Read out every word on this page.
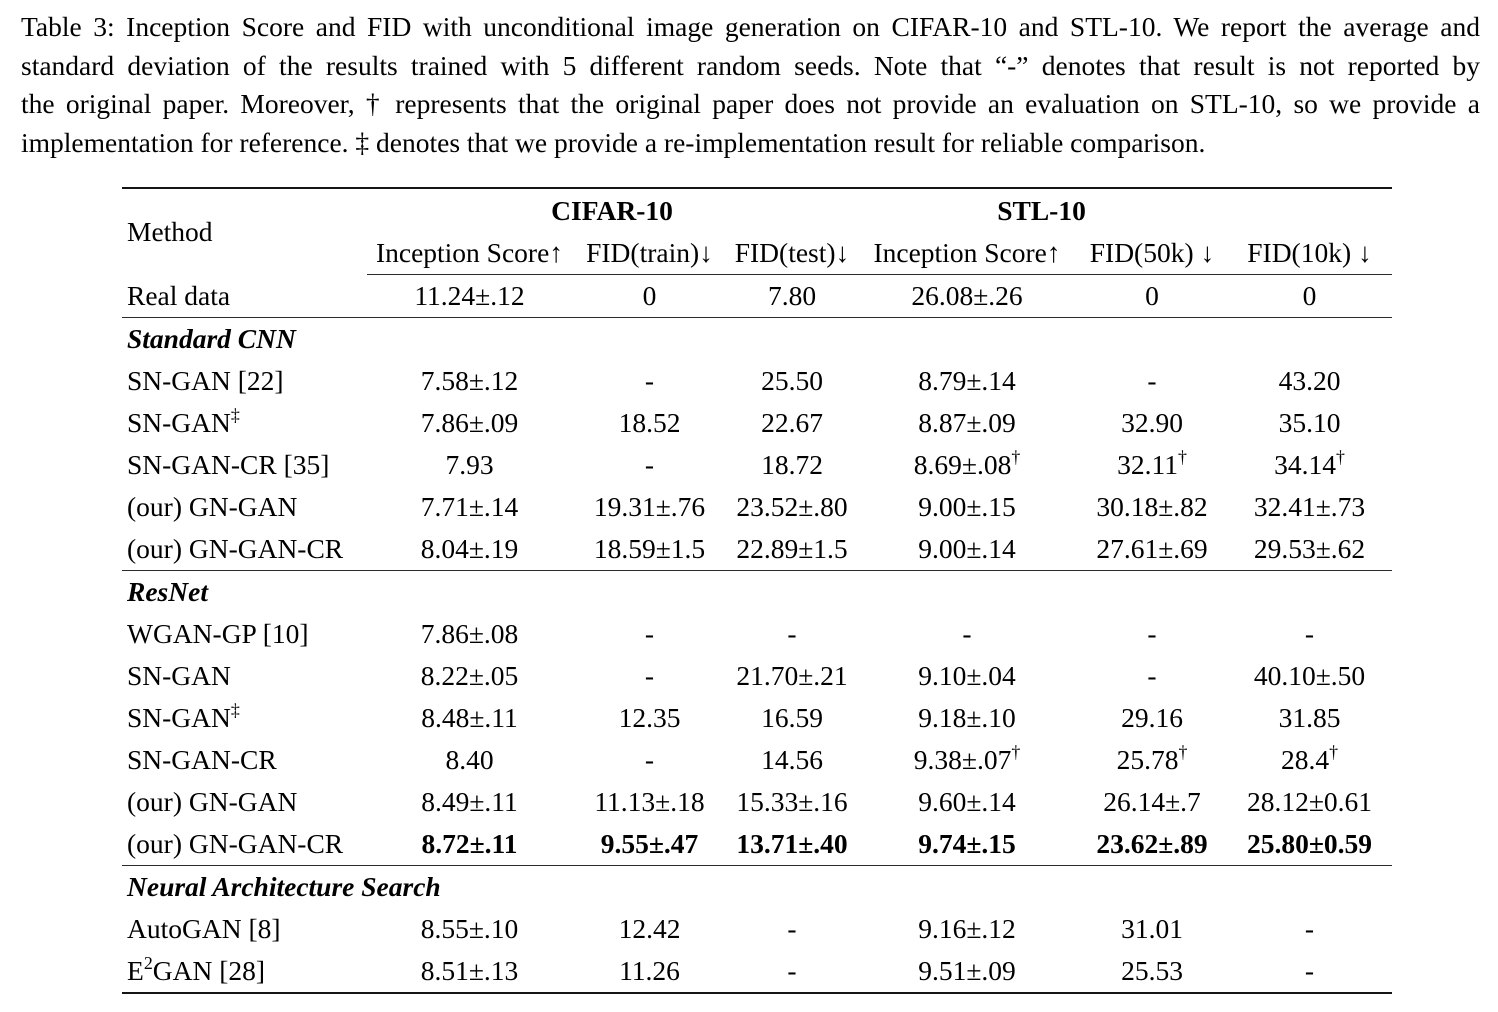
Table 3: Inception Score and FID with unconditional image generation on CIFAR-10 and STL-10. We report the average and
standard deviation of the results trained with 5 different random seeds. Note that “-” denotes that result is not reported by
the original paper. Moreover, † represents that the original paper does not provide an evaluation on STL-10, so we provide a
implementation for reference. ‡ denotes that we provide a re-implementation result for reliable comparison.

Method	CIFAR-10			STL-10		
	Inception Score↑	FID(train)↓	FID(test)↓	Inception Score↑	FID(50k) ↓	FID(10k) ↓
Real data	11.24±.12	0	7.80	26.08±.26	0	0
Standard CNN						
SN-GAN [22]	7.58±.12	-	25.50	8.79±.14	-	43.20
SN-GAN‡	7.86±.09	18.52	22.67	8.87±.09	32.90	35.10
SN-GAN-CR [35]	7.93	-	18.72	8.69±.08†	32.11†	34.14†
(our) GN-GAN	7.71±.14	19.31±.76	23.52±.80	9.00±.15	30.18±.82	32.41±.73
(our) GN-GAN-CR	8.04±.19	18.59±1.5	22.89±1.5	9.00±.14	27.61±.69	29.53±.62
ResNet						
WGAN-GP [10]	7.86±.08	-	-	-	-	-
SN-GAN	8.22±.05	-	21.70±.21	9.10±.04	-	40.10±.50
SN-GAN‡	8.48±.11	12.35	16.59	9.18±.10	29.16	31.85
SN-GAN-CR	8.40	-	14.56	9.38±.07†	25.78†	28.4†
(our) GN-GAN	8.49±.11	11.13±.18	15.33±.16	9.60±.14	26.14±.7	28.12±0.61
(our) GN-GAN-CR	8.72±.11	9.55±.47	13.71±.40	9.74±.15	23.62±.89	25.80±0.59
Neural Architecture Search						
AutoGAN [8]	8.55±.10	12.42	-	9.16±.12	31.01	-
$E^2GAN$ [28]	8.51±.13	11.26	-	9.51±.09	25.53	-
